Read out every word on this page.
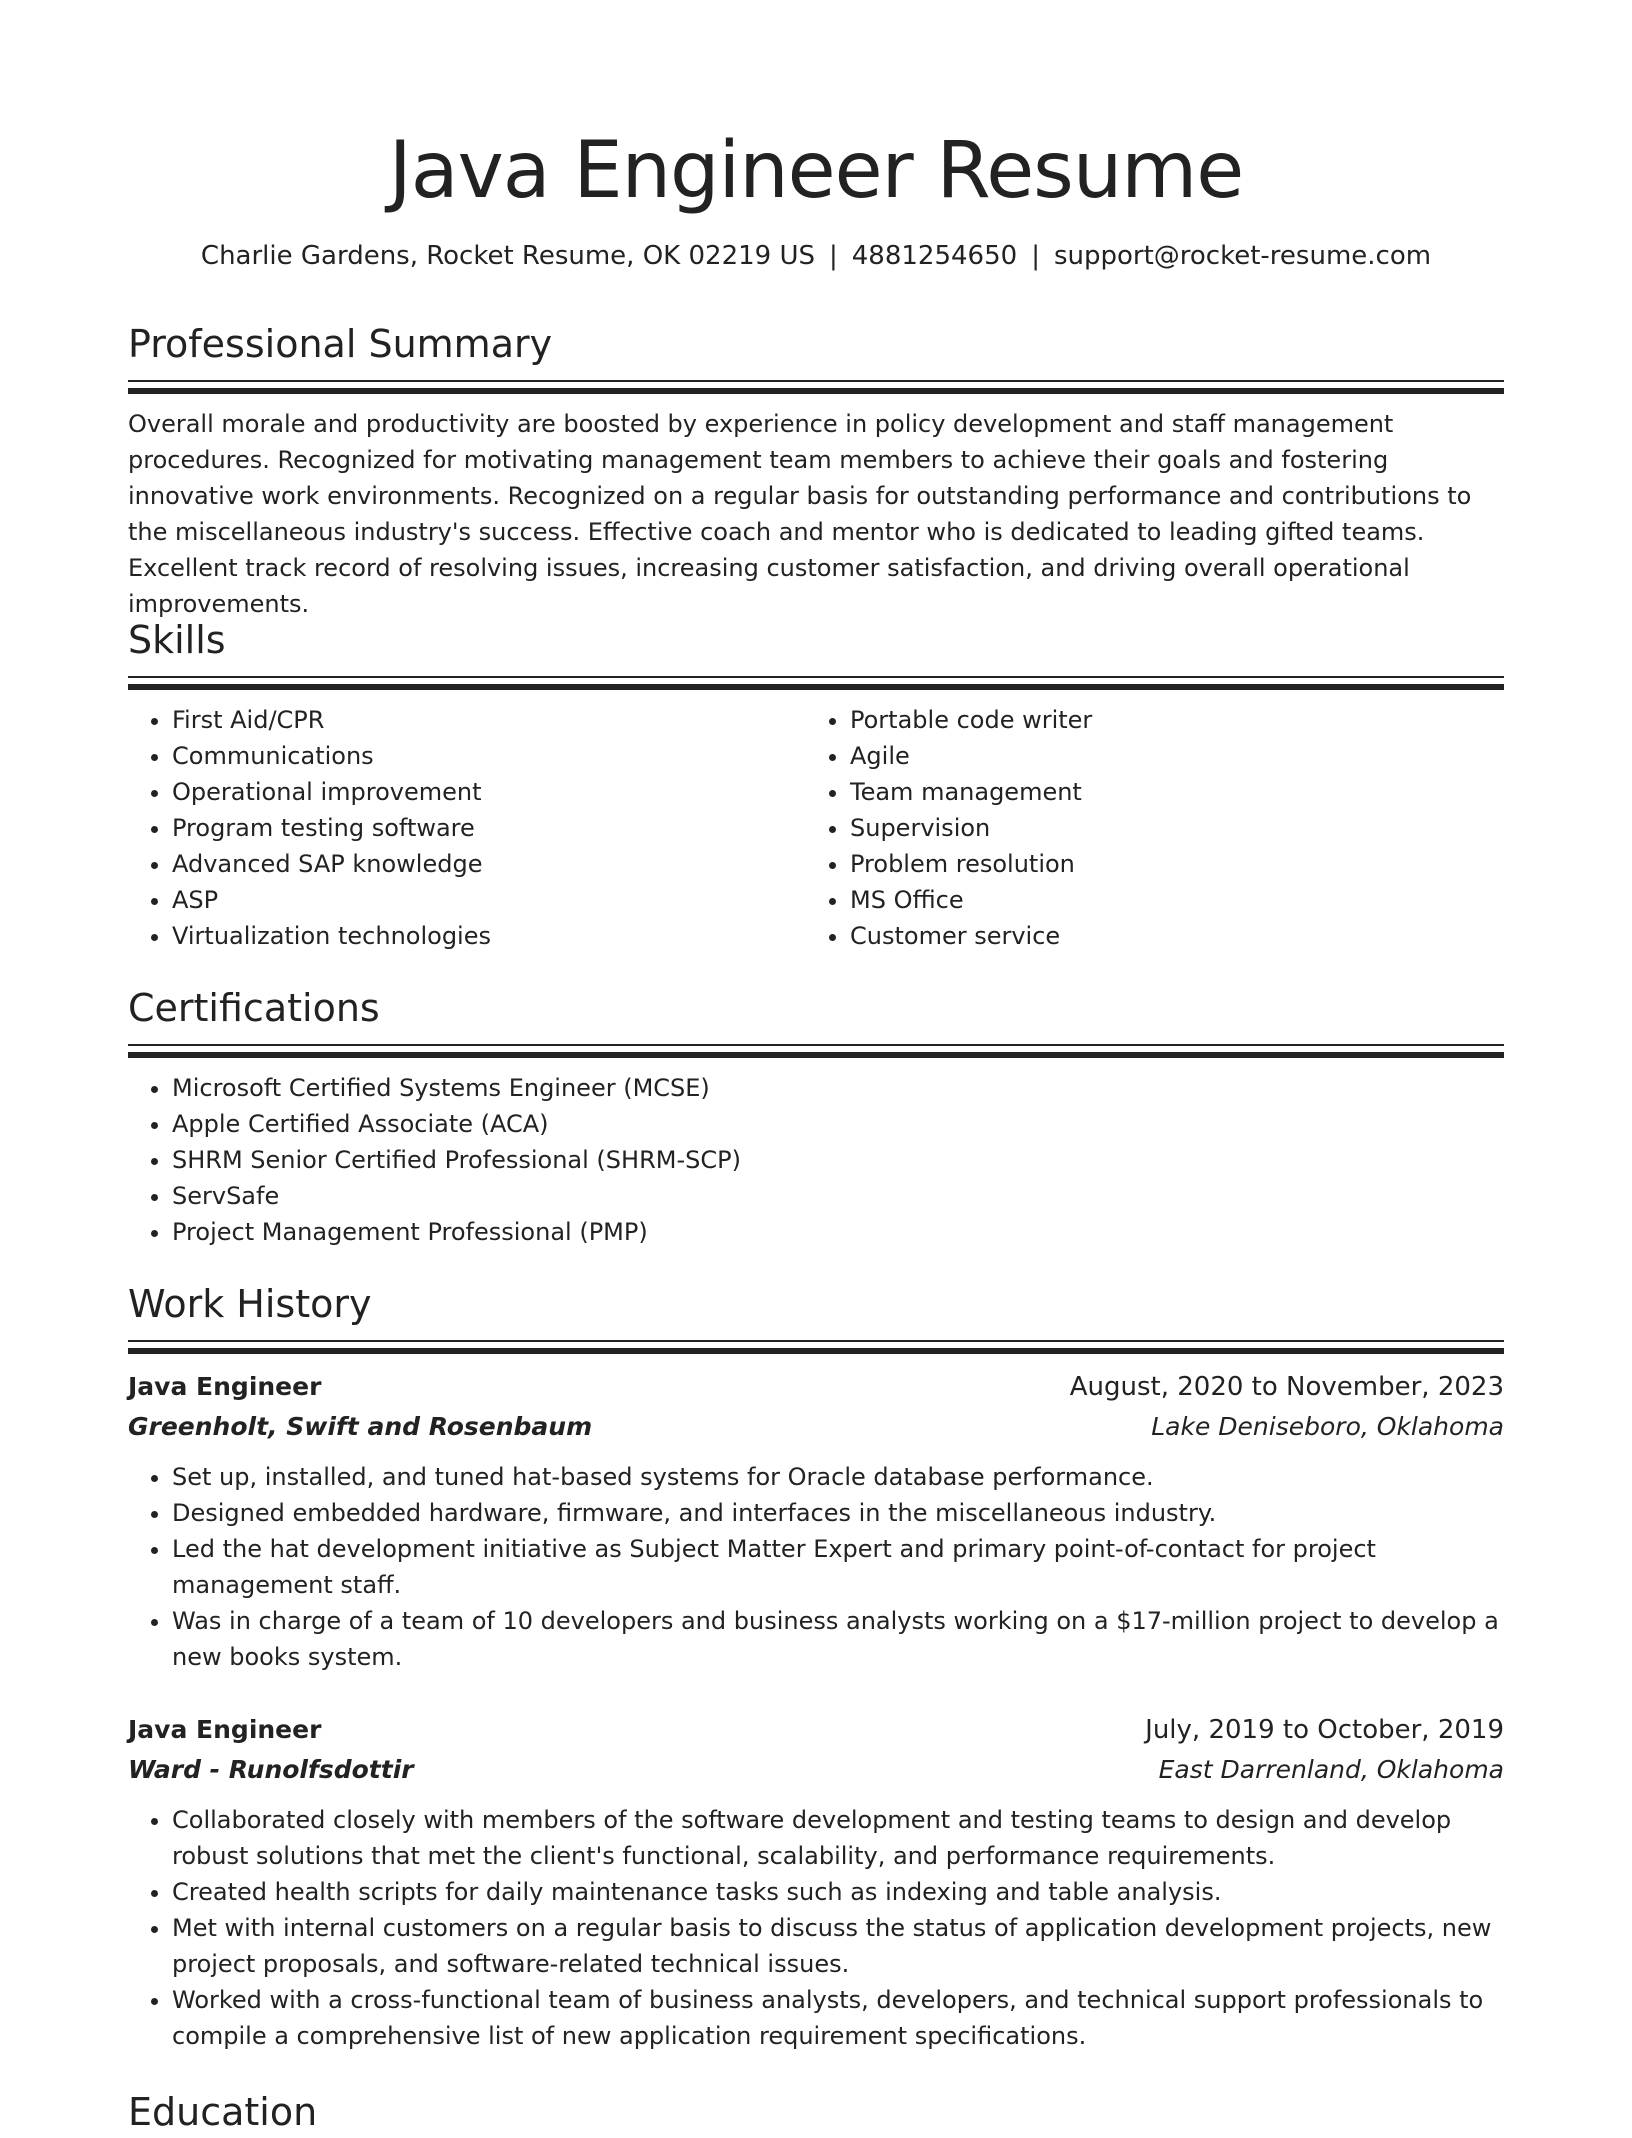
Java Engineer Resume
Charlie Gardens, Rocket Resume, OK 02219 US | 4881254650 | support@rocket-resume.com
Professional Summary

Overall morale and productivity are boosted by experience in policy development and staff management procedures. Recognized for motivating management team members to achieve their goals and fostering innovative work environments. Recognized on a regular basis for outstanding performance and contributions to the miscellaneous industry's success. Effective coach and mentor who is dedicated to leading gifted teams. Excellent track record of resolving issues, increasing customer satisfaction, and driving overall operational improvements.

Skills
• First Aid/CPR
• Communications
• Operational improvement
• Program testing software
• Advanced SAP knowledge
• ASP
• Virtualization technologies
• Portable code writer
• Agile
• Team management
• Supervision
• Problem resolution
• MS Office
• Customer service
Certifications
• Microsoft Certified Systems Engineer (MCSE)
• Apple Certified Associate (ACA)
• SHRM Senior Certified Professional (SHRM-SCP)
• ServSafe
• Project Management Professional (PMP)
Work History
Java Engineer	August, 2020 to November, 2023
Greenholt, Swift and Rosenbaum	Lake Deniseboro, Oklahoma
• Set up, installed, and tuned hat-based systems for Oracle database performance.
• Designed embedded hardware, firmware, and interfaces in the miscellaneous industry.
• Led the hat development initiative as Subject Matter Expert and primary point-of-contact for project management staff.
• Was in charge of a team of 10 developers and business analysts working on a $17-million project to develop a new books system.
Java Engineer	July, 2019 to October, 2019
Ward - Runolfsdottir	East Darrenland, Oklahoma
• Collaborated closely with members of the software development and testing teams to design and develop robust solutions that met the client's functional, scalability, and performance requirements.
• Created health scripts for daily maintenance tasks such as indexing and table analysis.
• Met with internal customers on a regular basis to discuss the status of application development projects, new project proposals, and software-related technical issues.
• Worked with a cross-functional team of business analysts, developers, and technical support professionals to compile a comprehensive list of new application requirement specifications.
Education
